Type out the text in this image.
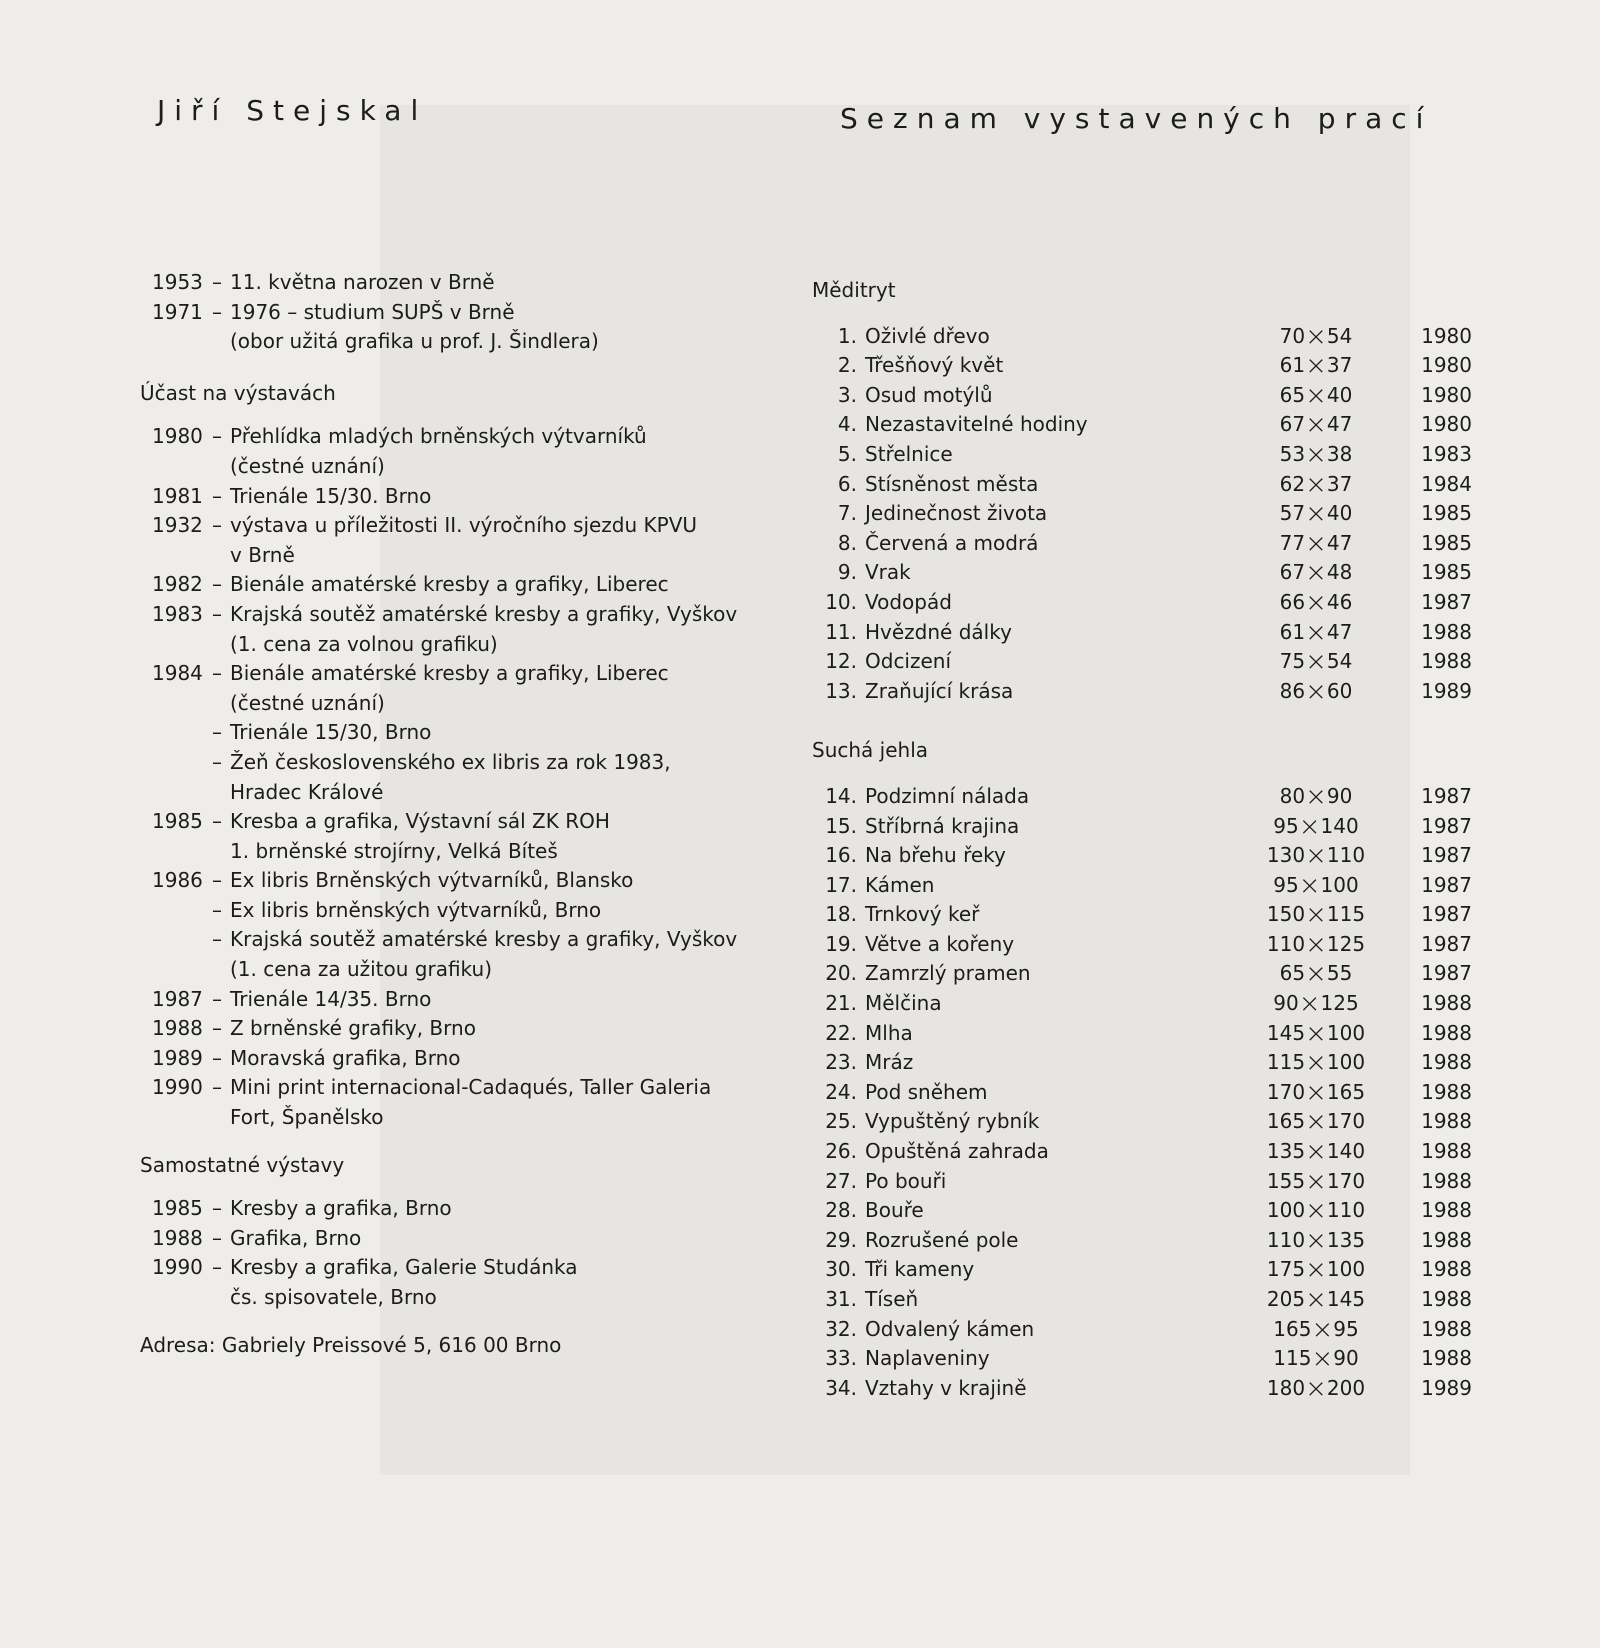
Jiří Stejskal	Seznam vystavených prací
1953 – 11. května narozen v Brně
1971 – 1976 – studium SUPŠ v Brně
(obor užitá grafika u prof. J. Šindlera)
Účast na výstavách
1980 – Přehlídka mladých brněnských výtvarníků
(čestné uznání)
1981 – Trienále 15/30. Brno
1932 – výstava u příležitosti II. výročního sjezdu KPVU
v Brně
1982 – Bienále amatérské kresby a grafiky, Liberec
1983 – Krajská soutěž amatérské kresby a grafiky, Vyškov
(1. cena za volnou grafiku)
1984 – Bienále amatérské kresby a grafiky, Liberec
(čestné uznání)
– Trienále 15/30, Brno
– Žeň československého ex libris za rok 1983,
Hradec Králové
1985 – Kresba a grafika, Výstavní sál ZK ROH
1. brněnské strojírny, Velká Bíteš
1986 – Ex libris Brněnských výtvarníků, Blansko
– Ex libris brněnských výtvarníků, Brno
– Krajská soutěž amatérské kresby a grafiky, Vyškov
(1. cena za užitou grafiku)
1987 – Trienále 14/35. Brno
1988 – Z brněnské grafiky, Brno
1989 – Moravská grafika, Brno
1990 – Mini print internacional-Cadaqués, Taller Galeria
Fort, Španělsko
Samostatné výstavy
1985 – Kresby a grafika, Brno
1988 – Grafika, Brno
1990 – Kresby a grafika, Galerie Studánka
čs. spisovatele, Brno
Adresa: Gabriely Preissové 5, 616 00 Brno
Měditryt
1. Oživlé dřevo	70×54	1980
2. Třešňový květ	61×37	1980
3. Osud motýlů	65×40	1980
4. Nezastavitelné hodiny	67×47	1980
5. Střelnice	53×38	1983
6. Stísněnost města	62×37	1984
7. Jedinečnost života	57×40	1985
8. Červená a modrá	77×47	1985
9. Vrak	67×48	1985
10. Vodopád	66×46	1987
11. Hvězdné dálky	61×47	1988
12. Odcizení	75×54	1988
13. Zraňující krása	86×60	1989
Suchá jehla
14. Podzimní nálada	80×90	1987
15. Stříbrná krajina	95×140	1987
16. Na břehu řeky	130×110	1987
17. Kámen	95×100	1987
18. Trnkový keř	150×115	1987
19. Větve a kořeny	110×125	1987
20. Zamrzlý pramen	65×55	1987
21. Mělčina	90×125	1988
22. Mlha	145×100	1988
23. Mráz	115×100	1988
24. Pod sněhem	170×165	1988
25. Vypuštěný rybník	165×170	1988
26. Opuštěná zahrada	135×140	1988
27. Po bouři	155×170	1988
28. Bouře	100×110	1988
29. Rozrušené pole	110×135	1988
30. Tři kameny	175×100	1988
31. Tíseň	205×145	1988
32. Odvalený kámen	165×95	1988
33. Naplaveniny	115×90	1988
34. Vztahy v krajině	180×200	1989
